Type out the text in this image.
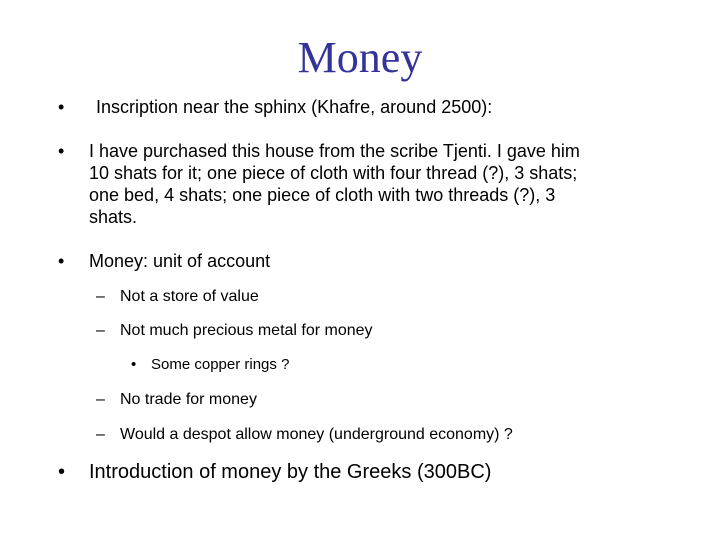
Money
• Inscription near the sphinx (Khafre, around 2500):
• I have purchased this house from the scribe Tjenti. I gave him
10 shats for it; one piece of cloth with four thread (?), 3 shats;
one bed, 4 shats; one piece of cloth with two threads (?), 3
shats.
• Money: unit of account
– Not a store of value
– Not much precious metal for money
• Some copper rings ?
– No trade for money
– Would a despot allow money (underground economy) ?
• Introduction of money by the Greeks (300BC)
